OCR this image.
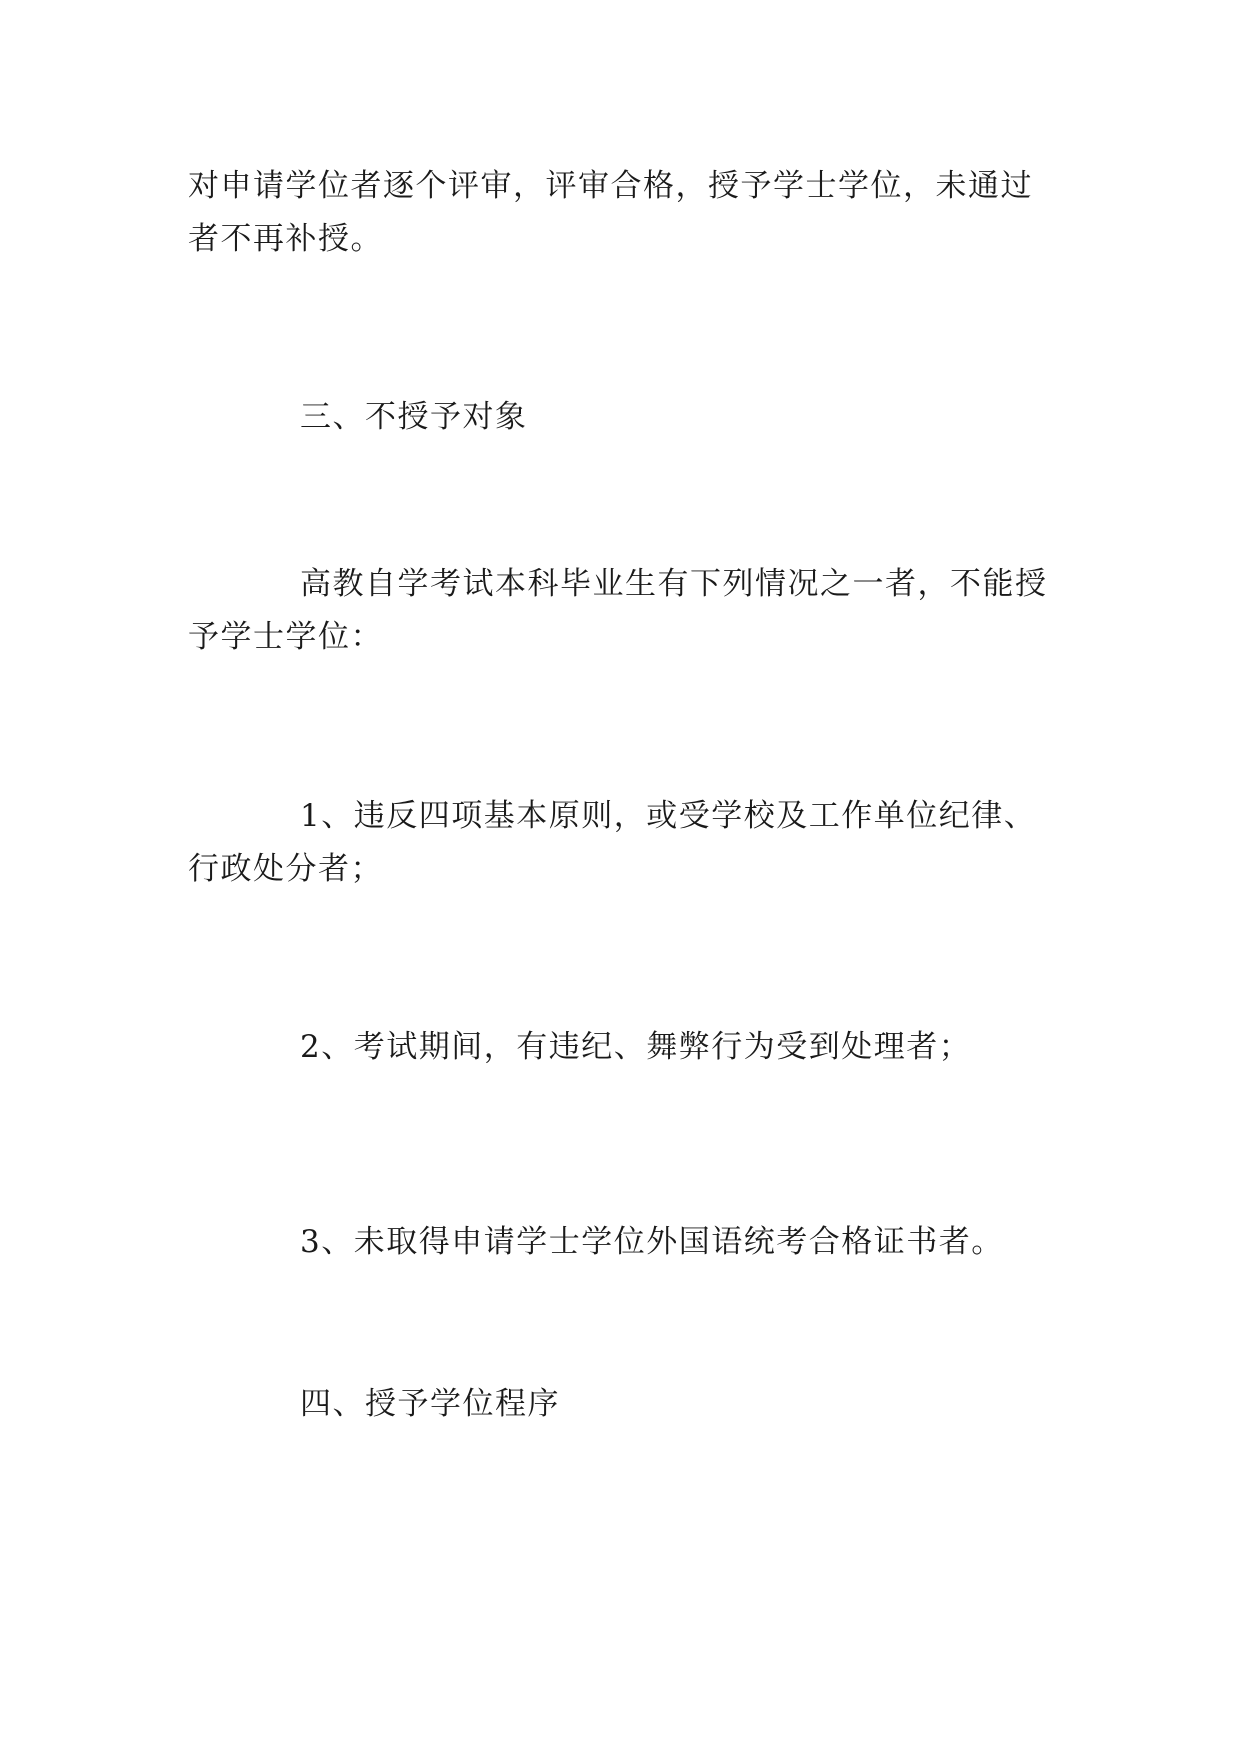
对申请学位者逐个评审，评审合格，授予学士学位，未通过者不再补授。

三、不授予对象

高教自学考试本科毕业生有下列情况之一者，不能授予学士学位：

1、违反四项基本原则，或受学校及工作单位纪律、行政处分者；

2、考试期间，有违纪、舞弊行为受到处理者；

3、未取得申请学士学位外国语统考合格证书者。

四、授予学位程序
